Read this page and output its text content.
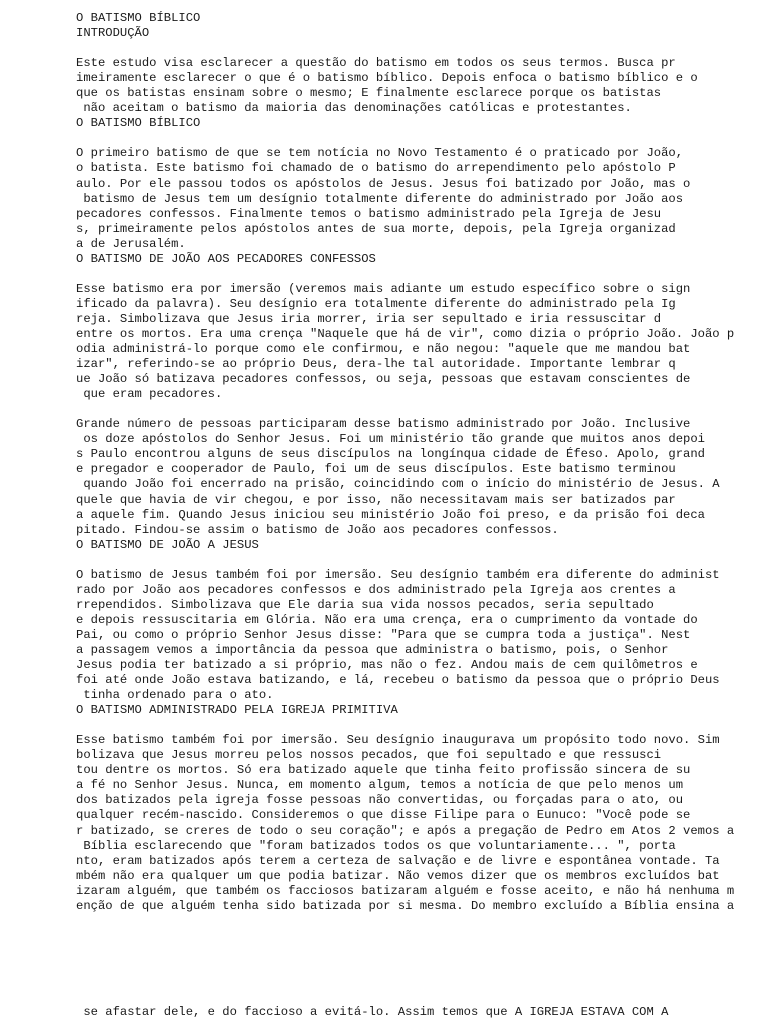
O BATISMO BÍBLICO
INTRODUÇÃO

Este estudo visa esclarecer a questão do batismo em todos os seus termos. Busca pr
imeiramente esclarecer o que é o batismo bíblico. Depois enfoca o batismo bíblico e o
que os batistas ensinam sobre o mesmo; E finalmente esclarece porque os batistas
não aceitam o batismo da maioria das denominações católicas e protestantes.
O BATISMO BÍBLICO

O primeiro batismo de que se tem notícia no Novo Testamento é o praticado por João,
o batista. Este batismo foi chamado de o batismo do arrependimento pelo apóstolo P
aulo. Por ele passou todos os apóstolos de Jesus. Jesus foi batizado por João, mas o
batismo de Jesus tem um desígnio totalmente diferente do administrado por João aos
pecadores confessos. Finalmente temos o batismo administrado pela Igreja de Jesu
s, primeiramente pelos apóstolos antes de sua morte, depois, pela Igreja organizad
a de Jerusalém.
O BATISMO DE JOÃO AOS PECADORES CONFESSOS

Esse batismo era por imersão (veremos mais adiante um estudo específico sobre o sign
ificado da palavra). Seu desígnio era totalmente diferente do administrado pela Ig
reja. Simbolizava que Jesus iria morrer, iria ser sepultado e iria ressuscitar d
entre os mortos. Era uma crença "Naquele que há de vir", como dizia o próprio João. João p
odia administrá-lo porque como ele confirmou, e não negou: "aquele que me mandou bat
izar", referindo-se ao próprio Deus, dera-lhe tal autoridade. Importante lembrar q
ue João só batizava pecadores confessos, ou seja, pessoas que estavam conscientes de
que eram pecadores.

Grande número de pessoas participaram desse batismo administrado por João. Inclusive
os doze apóstolos do Senhor Jesus. Foi um ministério tão grande que muitos anos depoi
s Paulo encontrou alguns de seus discípulos na longínqua cidade de Éfeso. Apolo, grand
e pregador e cooperador de Paulo, foi um de seus discípulos. Este batismo terminou
quando João foi encerrado na prisão, coincidindo com o início do ministério de Jesus. A
quele que havia de vir chegou, e por isso, não necessitavam mais ser batizados par
a aquele fim. Quando Jesus iniciou seu ministério João foi preso, e da prisão foi deca
pitado. Findou-se assim o batismo de João aos pecadores confessos.
O BATISMO DE JOÃO A JESUS

O batismo de Jesus também foi por imersão. Seu desígnio também era diferente do administ
rado por João aos pecadores confessos e dos administrado pela Igreja aos crentes a
rrependidos. Simbolizava que Ele daria sua vida nossos pecados, seria sepultado
e depois ressuscitaria em Glória. Não era uma crença, era o cumprimento da vontade do
Pai, ou como o próprio Senhor Jesus disse: "Para que se cumpra toda a justiça". Nest
a passagem vemos a importância da pessoa que administra o batismo, pois, o Senhor
Jesus podia ter batizado a si próprio, mas não o fez. Andou mais de cem quilômetros e
foi até onde João estava batizando, e lá, recebeu o batismo da pessoa que o próprio Deus
tinha ordenado para o ato.
O BATISMO ADMINISTRADO PELA IGREJA PRIMITIVA

Esse batismo também foi por imersão. Seu desígnio inaugurava um propósito todo novo. Sim
bolizava que Jesus morreu pelos nossos pecados, que foi sepultado e que ressusci
tou dentre os mortos. Só era batizado aquele que tinha feito profissão sincera de su
a fé no Senhor Jesus. Nunca, em momento algum, temos a notícia de que pelo menos um
dos batizados pela igreja fosse pessoas não convertidas, ou forçadas para o ato, ou
qualquer recém-nascido. Consideremos o que disse Filipe para o Eunuco: "Você pode se
r batizado, se creres de todo o seu coração"; e após a pregação de Pedro em Atos 2 vemos a
Bíblia esclarecendo que "foram batizados todos os que voluntariamente... ", porta
nto, eram batizados após terem a certeza de salvação e de livre e espontânea vontade. Ta
mbém não era qualquer um que podia batizar. Não vemos dizer que os membros excluídos bat
izaram alguém, que também os facciosos batizaram alguém e fosse aceito, e não há nenhuma m
enção de que alguém tenha sido batizada por si mesma. Do membro excluído a Bíblia ensina a
se afastar dele, e do faccioso a evitá-lo. Assim temos que A IGREJA ESTAVA COM A
